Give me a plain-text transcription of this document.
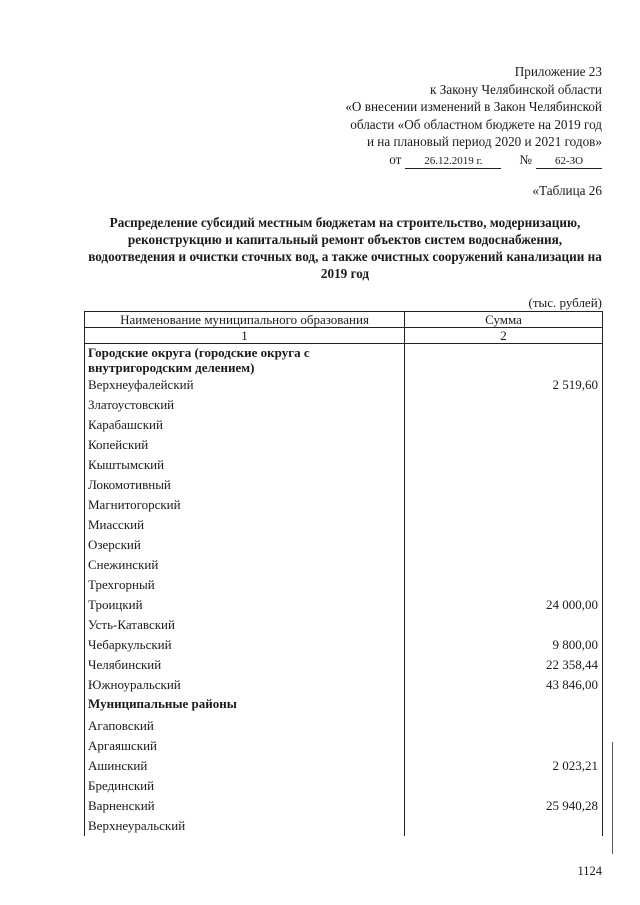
Приложение 23
к Закону Челябинской области
«О внесении изменений в Закон Челябинской
области «Об областном бюджете на 2019 год
и на плановый период 2020 и 2021 годов»
от	26.12.2019 г.	№	62-ЗО
«Таблица 26
Распределение субсидий местным бюджетам на строительство, модернизацию, реконструкцию и капитальный ремонт объектов систем водоснабжения, водоотведения и очистки сточных вод, а также очистных сооружений канализации на 2019 год
(тыс. рублей)
Наименование муниципального образования	Сумма
1	2
Городские округа (городские округа с внутригородским делением)	
Верхнеуфалейский	2 519,60
Златоустовский	
Карабашский	
Копейский	
Кыштымский	
Локомотивный	
Магнитогорский	
Миасский	
Озерский	
Снежинский	
Трехгорный	
Троицкий	24 000,00
Усть-Катавский	
Чебаркульский	9 800,00
Челябинский	22 358,44
Южноуральский	43 846,00
Муниципальные районы	
Агаповский	
Аргаяшский	
Ашинский	2 023,21
Брединский	
Варненский	25 940,28
Верхнеуральский	
1124
